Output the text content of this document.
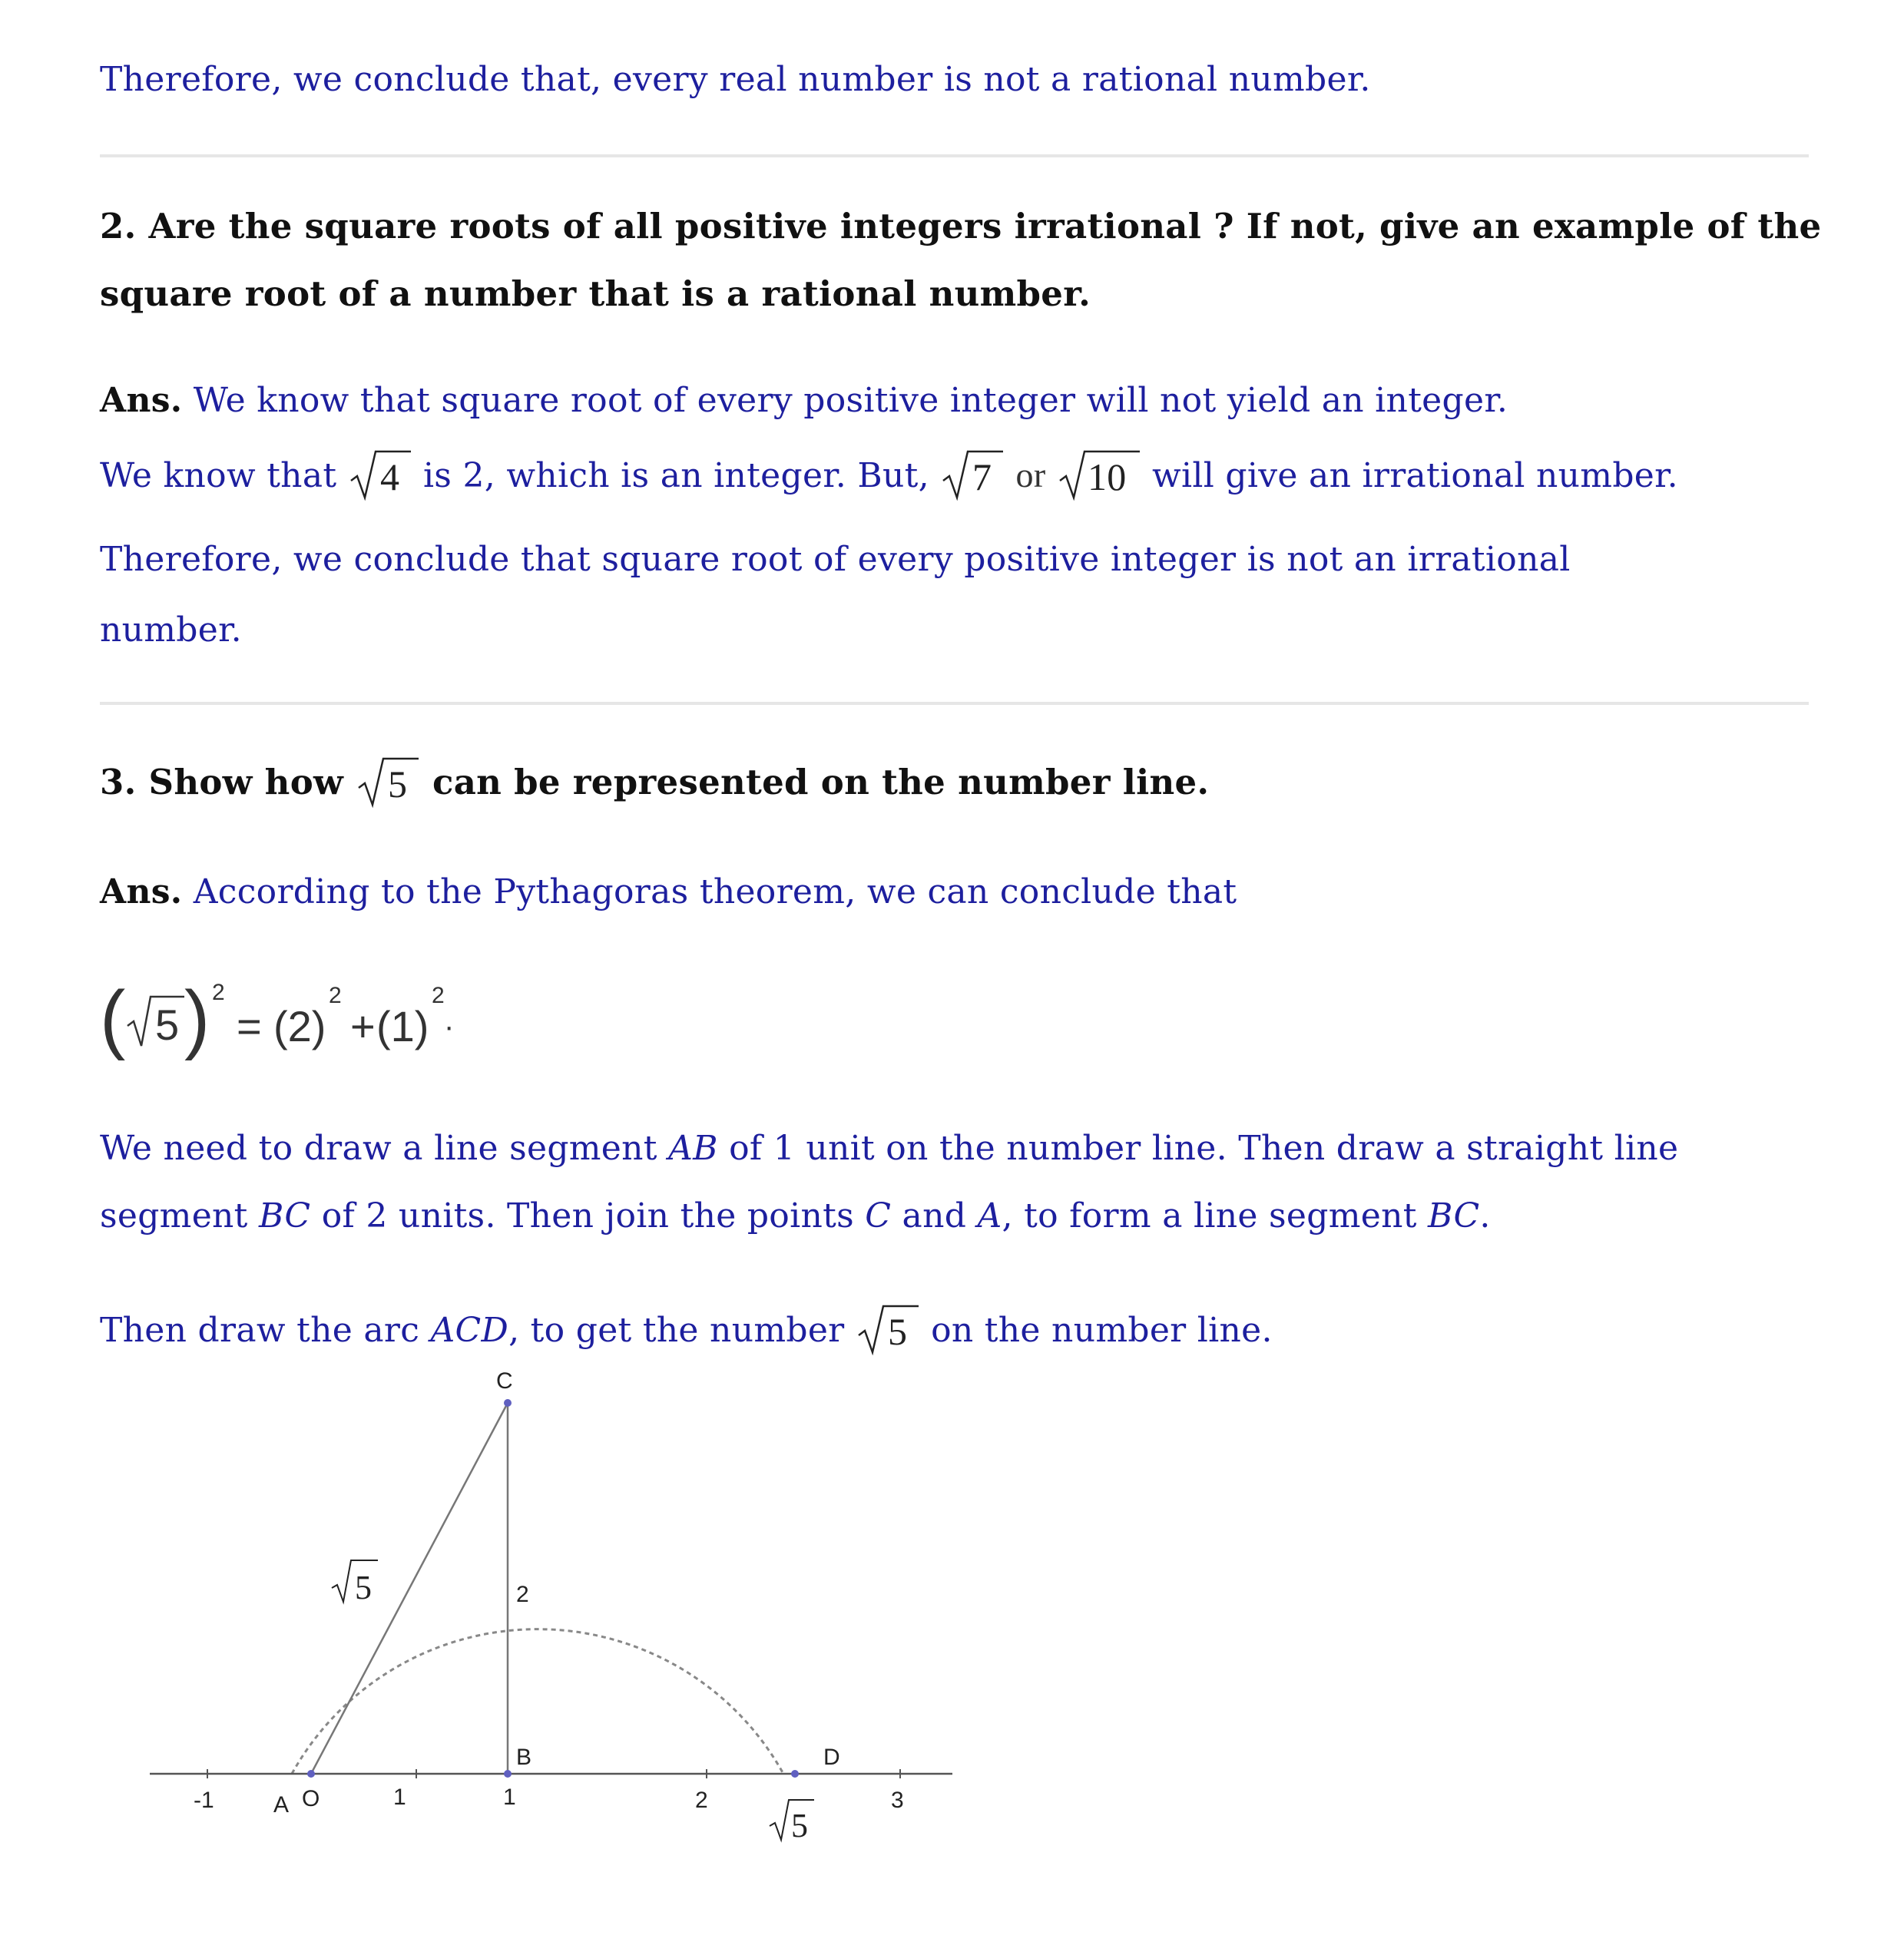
Therefore, we conclude that, every real number is not a rational number.
2. Are the square roots of all positive integers irrational ? If not, give an example of the
square root of a number that is a rational number.
Ans. We know that square root of every positive integer will not yield an integer.
We know that 4 is 2, which is an integer. But, 7 or 10 will give an irrational number.
Therefore, we conclude that square root of every positive integer is not an irrational
number.
3. Show how 5 can be represented on the number line.
Ans. According to the Pythagoras theorem, we can conclude that
( 5 ) 2
= (2)
2
+ (1)
2
·
We need to draw a line segment AB of 1 unit on the number line. Then draw a straight line
segment BC of 2 units. Then join the points C and A, to form a line segment BC.
Then draw the arc ACD, to get the number 5 on the number line.
C
B	D
A O
2
5
-1	1	1	2	3
5
